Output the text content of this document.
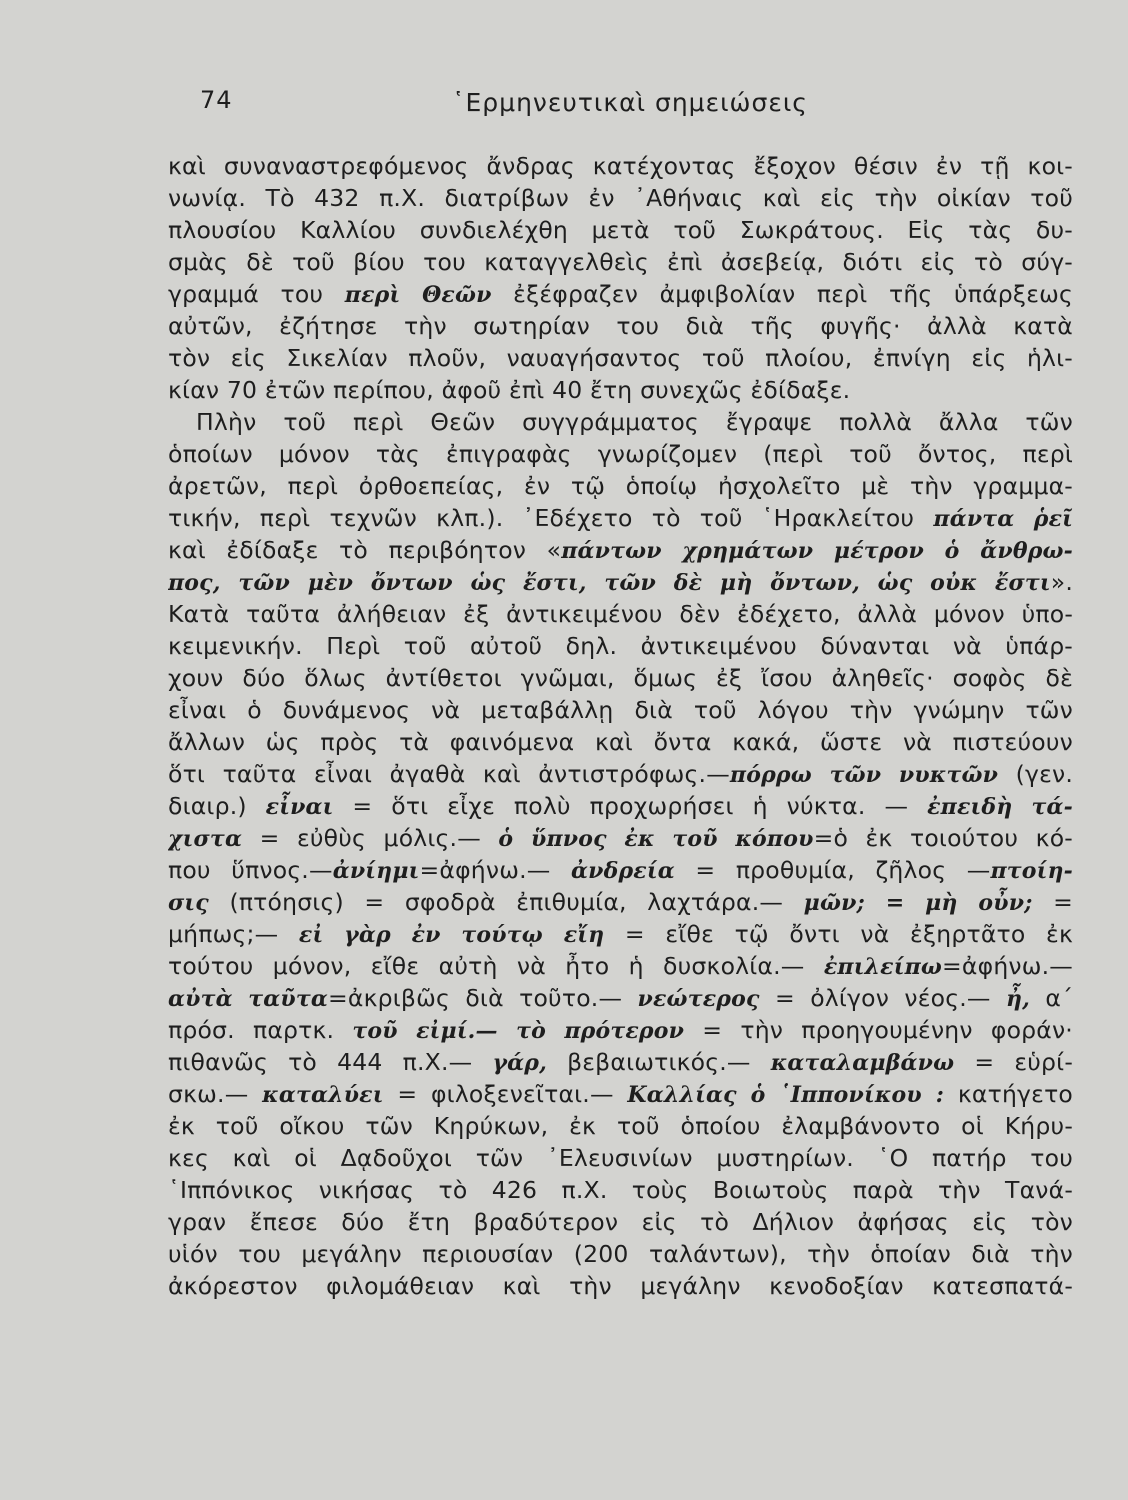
74	῾Ερμηνευτικαὶ σημειώσεις
καὶ συναναστρεφόμενος ἄνδρας κατέχοντας ἔξοχον θέσιν ἐν τῇ κοι-
νωνίᾳ. Τὸ 432 π.Χ. διατρίβων ἐν ᾿Αθήναις καὶ εἰς τὴν οἰκίαν τοῦ
πλουσίου Καλλίου συνδιελέχθη μετὰ τοῦ Σωκράτους. Εἰς τὰς δυ-
σμὰς δὲ τοῦ βίου του καταγγελθεὶς ἐπὶ ἀσεβείᾳ, διότι εἰς τὸ σύγ-
γραμμά του περὶ Θεῶν ἐξέφραζεν ἀμφιβολίαν περὶ τῆς ὑπάρξεως
αὐτῶν, ἐζήτησε τὴν σωτηρίαν του διὰ τῆς φυγῆς· ἀλλὰ κατὰ
τὸν εἰς Σικελίαν πλοῦν, ναυαγήσαντος τοῦ πλοίου, ἐπνίγη εἰς ἡλι-
κίαν 70 ἐτῶν περίπου, ἀφοῦ ἐπὶ 40 ἔτη συνεχῶς ἐδίδαξε.
Πλὴν τοῦ περὶ Θεῶν συγγράμματος ἔγραψε πολλὰ ἄλλα τῶν
ὁποίων μόνον τὰς ἐπιγραφὰς γνωρίζομεν (περὶ τοῦ ὄντος, περὶ
ἀρετῶν, περὶ ὀρθοεπείας, ἐν τῷ ὁποίῳ ἠσχολεῖτο μὲ τὴν γραμμα-
τικήν, περὶ τεχνῶν κλπ.). ᾿Εδέχετο τὸ τοῦ ῾Ηρακλείτου πάντα ῥεῖ
καὶ ἐδίδαξε τὸ περιβόητον «πάντων χρημάτων μέτρον ὁ ἄνθρω-
πος, τῶν μὲν ὄντων ὡς ἔστι, τῶν δὲ μὴ ὄντων, ὡς οὐκ ἔστι».
Κατὰ ταῦτα ἀλήθειαν ἐξ ἀντικειμένου δὲν ἐδέχετο, ἀλλὰ μόνον ὑπο-
κειμενικήν. Περὶ τοῦ αὐτοῦ δηλ. ἀντικειμένου δύνανται νὰ ὑπάρ-
χουν δύο ὅλως ἀντίθετοι γνῶμαι, ὅμως ἐξ ἴσου ἀληθεῖς· σοφὸς δὲ
εἶναι ὁ δυνάμενος νὰ μεταβάλλῃ διὰ τοῦ λόγου τὴν γνώμην τῶν
ἄλλων ὡς πρὸς τὰ φαινόμενα καὶ ὄντα κακά, ὥστε νὰ πιστεύουν
ὅτι ταῦτα εἶναι ἀγαθὰ καὶ ἀντιστρόφως.—πόρρω τῶν νυκτῶν (γεν.
διαιρ.) εἶναι = ὅτι εἶχε πολὺ προχωρήσει ἡ νύκτα. — ἐπειδὴ τά-
χιστα = εὐθὺς μόλις.— ὁ ὕπνος ἐκ τοῦ κόπου=ὁ ἐκ τοιούτου κό-
που ὕπνος.—ἀνίημι=ἀφήνω.— ἀνδρεία = προθυμία, ζῆλος —πτοίη-
σις (πτόησις) = σφοδρὰ ἐπιθυμία, λαχτάρα.— μῶν; = μὴ οὖν; =
μήπως;— εἰ γὰρ ἐν τούτῳ εἴη = εἴθε τῷ ὄντι νὰ ἐξηρτᾶτο ἐκ
τούτου μόνον, εἴθε αὐτὴ νὰ ἦτο ἡ δυσκολία.— ἐπιλείπω=ἀφήνω.—
αὐτὰ ταῦτα=ἀκριβῶς διὰ τοῦτο.— νεώτερος = ὀλίγον νέος.— ἦ, α΄
πρόσ. παρτκ. τοῦ εἰμί.— τὸ πρότερον = τὴν προηγουμένην φοράν·
πιθανῶς τὸ 444 π.Χ.— γάρ, βεβαιωτικός.— καταλαμβάνω = εὑρί-
σκω.— καταλύει = φιλοξενεῖται.— Καλλίας ὁ ῾Ιππονίκου : κατήγετο
ἐκ τοῦ οἴκου τῶν Κηρύκων, ἐκ τοῦ ὁποίου ἐλαμβάνοντο οἱ Κήρυ-
κες καὶ οἱ Δᾳδοῦχοι τῶν ᾿Ελευσινίων μυστηρίων. ῾Ο πατήρ του
῾Ιππόνικος νικήσας τὸ 426 π.Χ. τοὺς Βοιωτοὺς παρὰ τὴν Τανά-
γραν ἔπεσε δύο ἔτη βραδύτερον εἰς τὸ Δήλιον ἀφήσας εἰς τὸν
υἱόν του μεγάλην περιουσίαν (200 ταλάντων), τὴν ὁποίαν διὰ τὴν
ἀκόρεστον φιλομάθειαν καὶ τὴν μεγάλην κενοδοξίαν κατεσπατά-
